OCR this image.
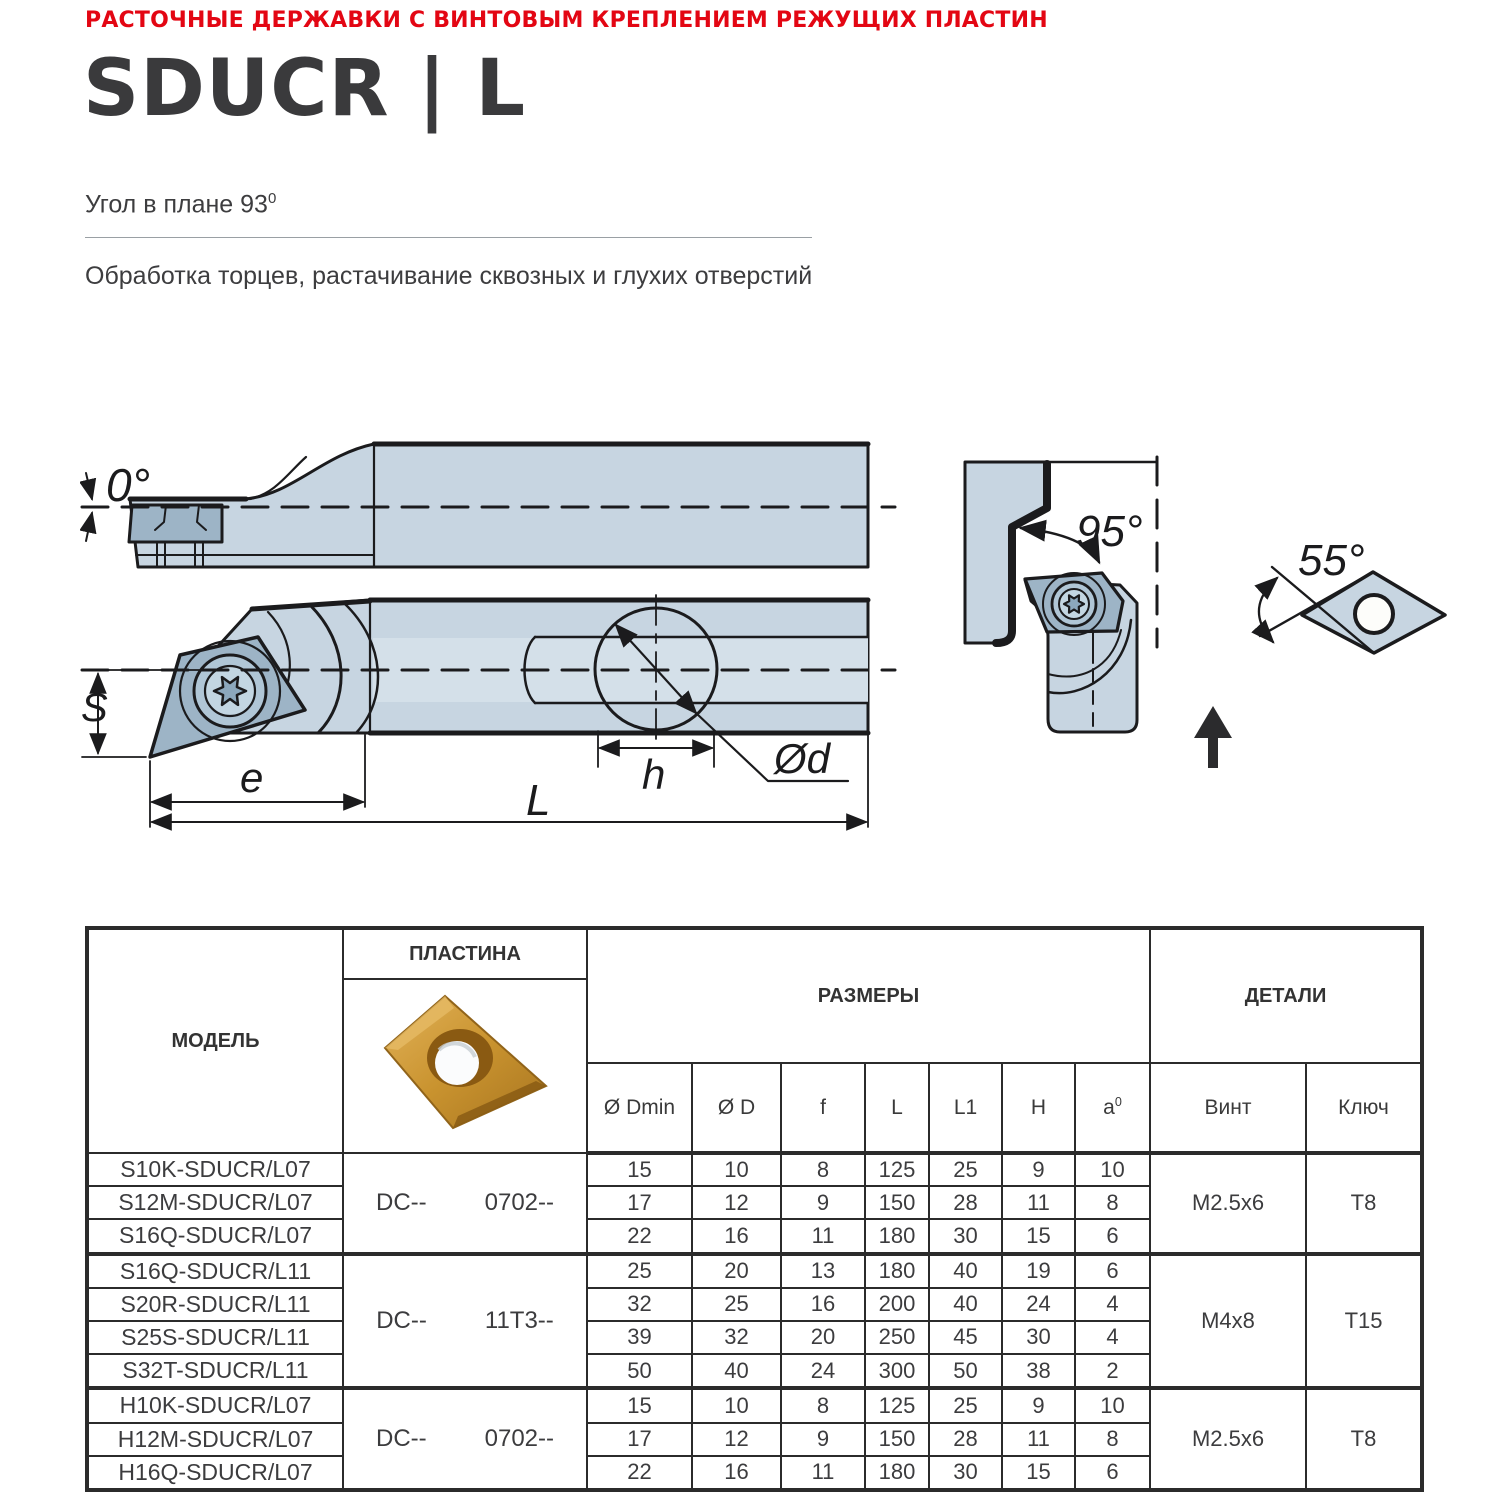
РАСТОЧНЫЕ ДЕРЖАВКИ С ВИНТОВЫМ КРЕПЛЕНИЕМ РЕЖУЩИХ ПЛАСТИН
SDUCR | L
Угол в плане $93^0$
Обработка торцев, растачивание сквозных и глухих отверстий
0°
Ød
h
S
e	L
95°
55°
МОДЕЛЬ	ПЛАСТИНА	РАЗМЕРЫ							ДЕТАЛИ	

		Ø Dmin	Ø D	f	L	L1	H	$a^0$	Винт	Ключ
S10K-SDUCR/L07	DC-- 0702--	15	10	8	125	25	9	10	M2.5x6	T8
S12M-SDUCR/L07		17	12	9	150	28	11	8		
S16Q-SDUCR/L07		22	16	11	180	30	15	6		
S16Q-SDUCR/L11	DC-- 11T3--	25	20	13	180	40	19	6	M4x8	T15
S20R-SDUCR/L11		32	25	16	200	40	24	4		
S25S-SDUCR/L11		39	32	20	250	45	30	4		
S32T-SDUCR/L11		50	40	24	300	50	38	2		
H10K-SDUCR/L07	DC-- 0702--	15	10	8	125	25	9	10	M2.5x6	T8
H12M-SDUCR/L07		17	12	9	150	28	11	8		
H16Q-SDUCR/L07		22	16	11	180	30	15	6		
